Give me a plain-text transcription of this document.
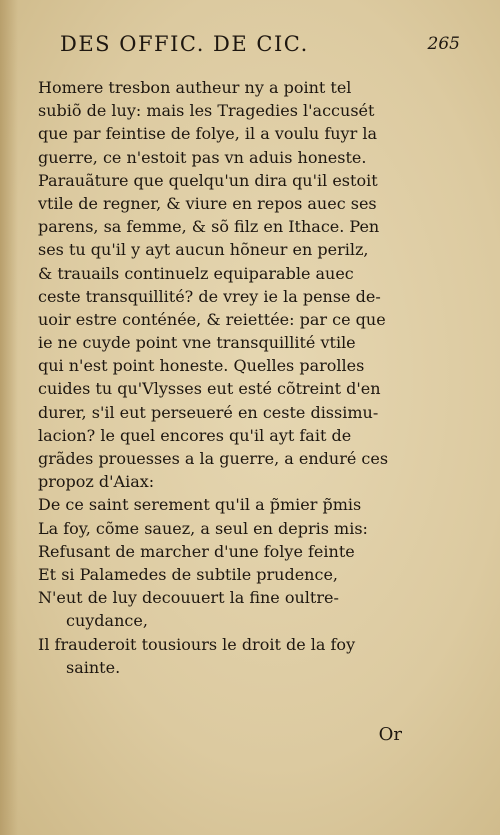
DES OFFIC. DE CIC.	265
Homere tresbon autheur ny a point tel
subiõ de luy: mais les Tragedies l'accusét
que par feintise de folye, il a voulu fuyr la
guerre, ce n'estoit pas vn aduis honeste.
Parauãture que quelqu'un dira qu'il estoit
vtile de regner, & viure en repos auec ses
parens, sa femme, & sõ filz en Ithace. Pen
ses tu qu'il y ayt aucun hõneur en perilz,
& trauails continuelz equiparable auec
ceste transquillité? de vrey ie la pense de-
uoir estre conténée, & reiettée: par ce que
ie ne cuyde point vne transquillité vtile
qui n'est point honeste. Quelles parolles
cuides tu qu'Vlysses eut esté cõtreint d'en
durer, s'il eut perseueré en ceste dissimu-
lacion? le quel encores qu'il ayt fait de
grãdes prouesses a la guerre, a enduré ces
propoz d'Aiax:
De ce saint serement qu'il a p̃mier p̃mis
La foy, cõme sauez, a seul en depris mis:
Refusant de marcher d'une folye feinte
Et si Palamedes de subtile prudence,
N'eut de luy decouuert la fine oultre-
cuydance,
Il frauderoit tousiours le droit de la foy
sainte.
Or
